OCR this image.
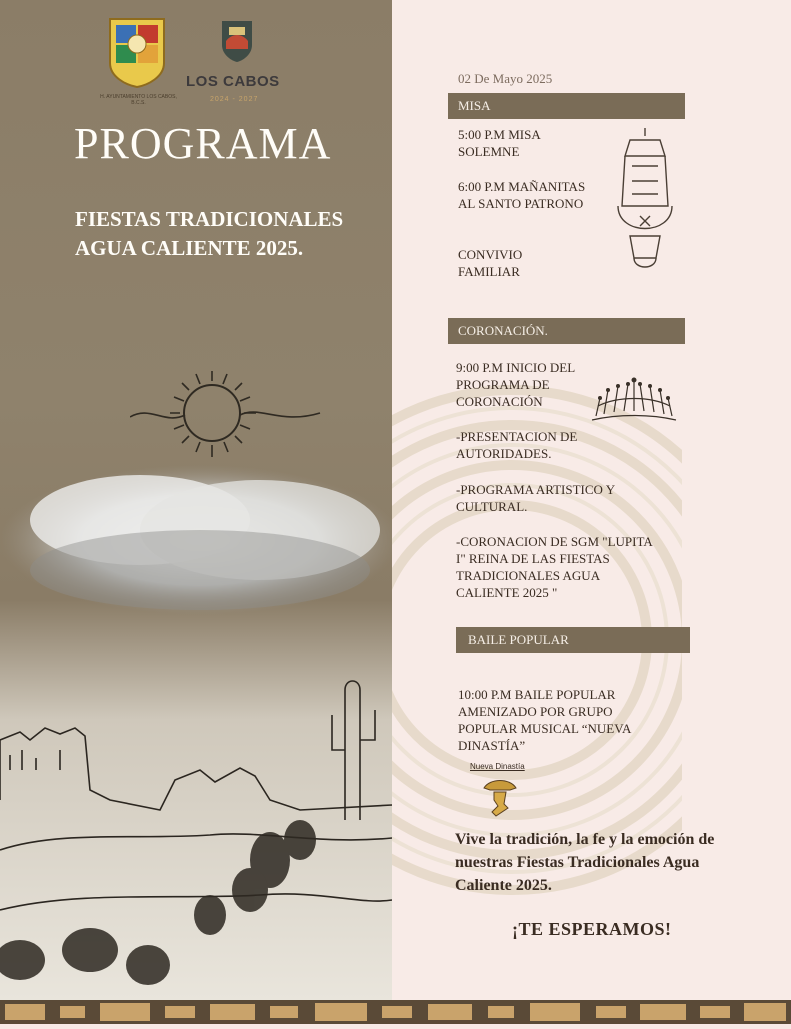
H. AYUNTAMIENTO LOS CABOS, B.C.S.
LOS CABOS
2024 - 2027
PROGRAMA
FIESTAS TRADICIONALES AGUA CALIENTE 2025.
02 De Mayo 2025
MISA
5:00 P.M MISA SOLEMNE
6:00 P.M MAÑANITAS AL SANTO PATRONO
CONVIVIO FAMILIAR
CORONACIÓN.
9:00 P.M INICIO DEL PROGRAMA DE CORONACIÓN
-PRESENTACION DE AUTORIDADES.
-PROGRAMA ARTISTICO Y CULTURAL.
-CORONACION DE SGM "LUPITA I" REINA DE LAS FIESTAS TRADICIONALES AGUA CALIENTE 2025 "
BAILE POPULAR
10:00 P.M BAILE POPULAR AMENIZADO POR GRUPO POPULAR MUSICAL “NUEVA DINASTÍA”
Nueva Dinastía
Vive la tradición, la fe y la emoción de nuestras Fiestas Tradicionales Agua Caliente 2025.
¡TE ESPERAMOS!
